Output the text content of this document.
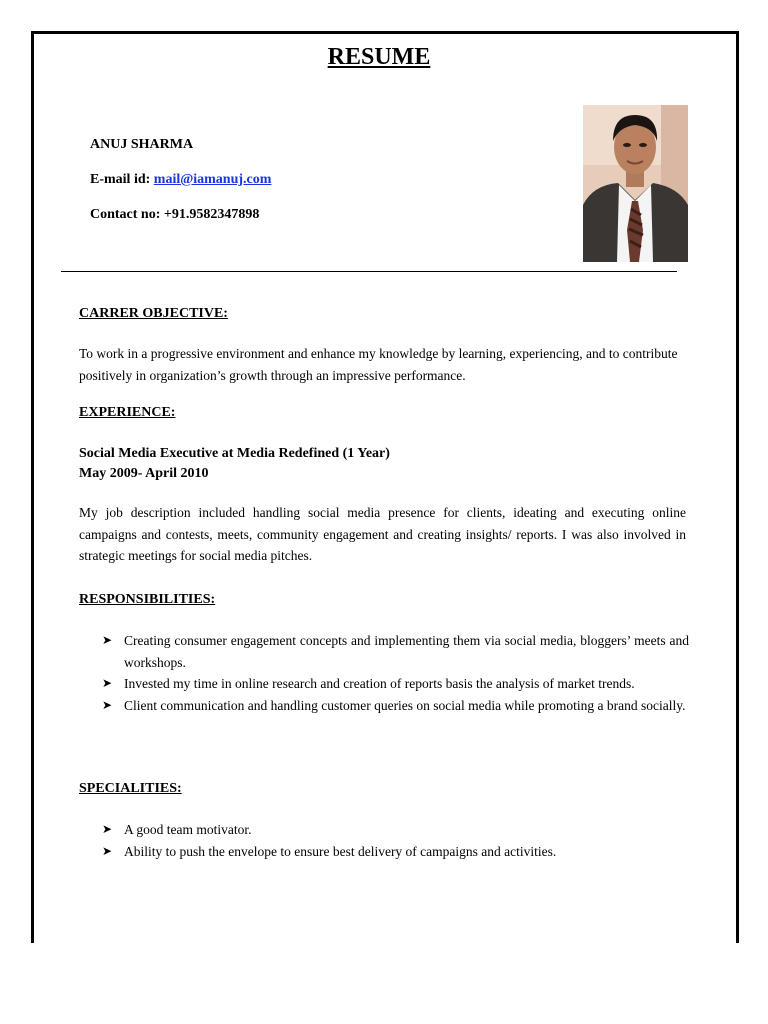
RESUME
ANUJ SHARMA
E-mail id: mail@iamanuj.com
Contact no: +91.9582347898
CARRER OBJECTIVE:
To work in a progressive environment and enhance my knowledge by learning, experiencing, and to contribute positively in organization’s growth through an impressive performance.
EXPERIENCE:
Social Media Executive at Media Redefined (1 Year)
May 2009- April 2010
My job description included handling social media presence for clients, ideating and executing online campaigns and contests, meets, community engagement and creating insights/ reports. I was also involved in strategic meetings for social media pitches.
RESPONSIBILITIES:
➤ Creating consumer engagement concepts and implementing them via social media, bloggers’ meets and workshops.
➤ Invested my time in online research and creation of reports basis the analysis of market trends.
➤ Client communication and handling customer queries on social media while promoting a brand socially.
SPECIALITIES:
➤ A good team motivator.
➤ Ability to push the envelope to ensure best delivery of campaigns and activities.
